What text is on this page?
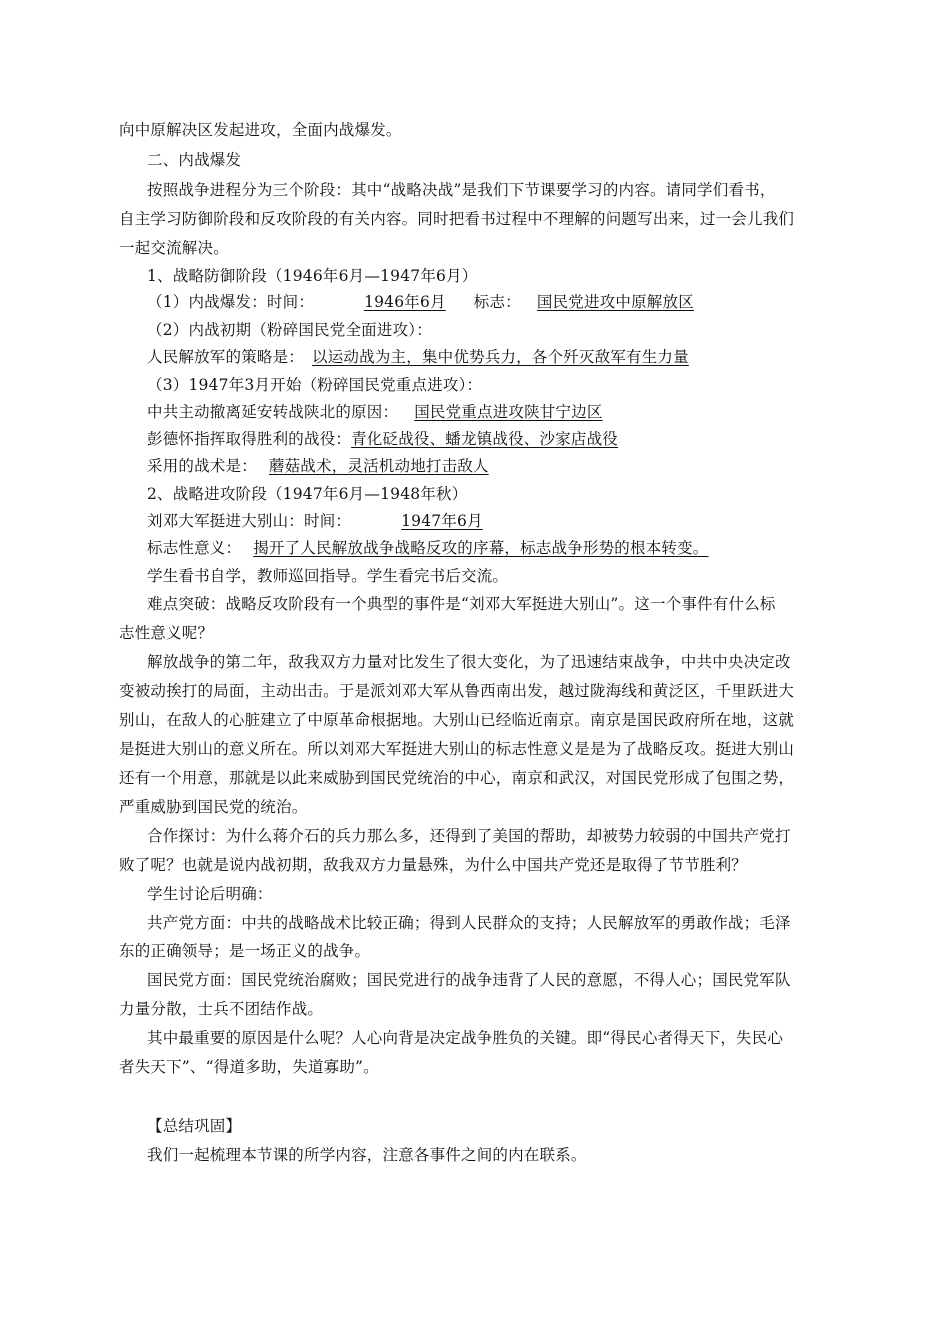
向中原解决区发起进攻，全面内战爆发。
二、内战爆发
按照战争进程分为三个阶段：其中“战略决战”是我们下节课要学习的内容。请同学们看书，
自主学习防御阶段和反攻阶段的有关内容。同时把看书过程中不理解的问题写出来，过一会儿我们
一起交流解决。
1、战略防御阶段（1946年6月—1947年6月）
（1）内战爆发：时间：	1946年6月 标志： 国民党进攻中原解放区
（2）内战初期（粉碎国民党全面进攻）：
人民解放军的策略是： 以运动战为主，集中优势兵力，各个歼灭敌军有生力量
（3）1947年3月开始（粉碎国民党重点进攻）：
中共主动撤离延安转战陕北的原因： 国民党重点进攻陕甘宁边区
彭德怀指挥取得胜利的战役：青化砭战役、蟠龙镇战役、沙家店战役
采用的战术是： 蘑菇战术，灵活机动地打击敌人
2、战略进攻阶段（1947年6月—1948年秋）
刘邓大军挺进大别山：时间：	1947年6月
标志性意义： 揭开了人民解放战争战略反攻的序幕，标志战争形势的根本转变。
学生看书自学，教师巡回指导。学生看完书后交流。
难点突破：战略反攻阶段有一个典型的事件是“刘邓大军挺进大别山”。这一个事件有什么标
志性意义呢？
解放战争的第二年，敌我双方力量对比发生了很大变化，为了迅速结束战争，中共中央决定改
变被动挨打的局面，主动出击。于是派刘邓大军从鲁西南出发，越过陇海线和黄泛区，千里跃进大
别山，在敌人的心脏建立了中原革命根据地。大别山已经临近南京。南京是国民政府所在地，这就
是挺进大别山的意义所在。所以刘邓大军挺进大别山的标志性意义是是为了战略反攻。挺进大别山
还有一个用意，那就是以此来威胁到国民党统治的中心，南京和武汉，对国民党形成了包围之势，
严重威胁到国民党的统治。
合作探讨：为什么蒋介石的兵力那么多，还得到了美国的帮助，却被势力较弱的中国共产党打
败了呢？也就是说内战初期，敌我双方力量悬殊，为什么中国共产党还是取得了节节胜利？
学生讨论后明确：
共产党方面：中共的战略战术比较正确；得到人民群众的支持；人民解放军的勇敢作战；毛泽
东的正确领导；是一场正义的战争。
国民党方面：国民党统治腐败；国民党进行的战争违背了人民的意愿，不得人心；国民党军队
力量分散，士兵不团结作战。
其中最重要的原因是什么呢？人心向背是决定战争胜负的关键。即“得民心者得天下，失民心
者失天下”、“得道多助，失道寡助”。
【总结巩固】
我们一起梳理本节课的所学内容，注意各事件之间的内在联系。
